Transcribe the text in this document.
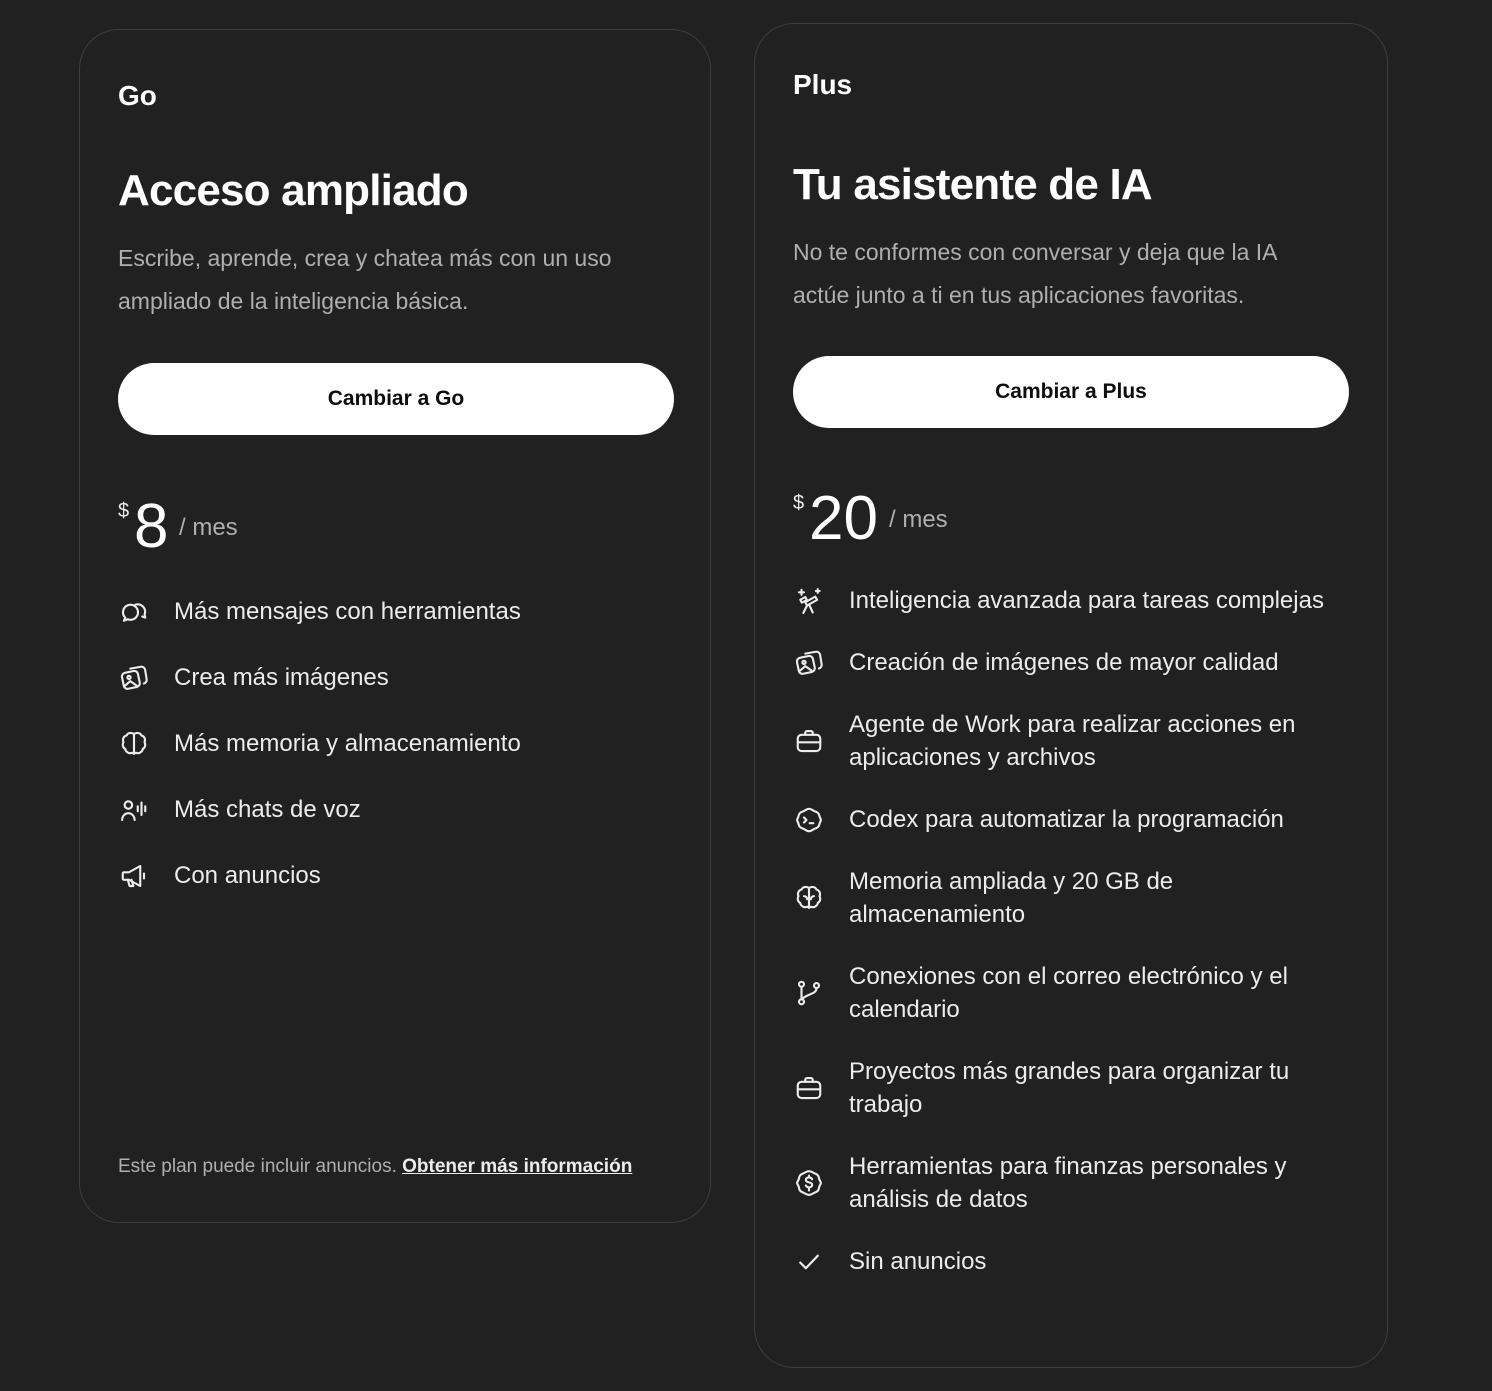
Go
Acceso ampliado
Escribe, aprende, crea y chatea más con un uso ampliado de la inteligencia básica.
Cambiar a Go
$ 8 / mes
Más mensajes con herramientas
Crea más imágenes
Más memoria y almacenamiento
Más chats de voz
Con anuncios
Este plan puede incluir anuncios. Obtener más información
Plus
Tu asistente de IA
No te conformes con conversar y deja que la IA actúe junto a ti en tus aplicaciones favoritas.
Cambiar a Plus
$ 20 / mes
Inteligencia avanzada para tareas complejas
Creación de imágenes de mayor calidad
Agente de Work para realizar acciones en aplicaciones y archivos
Codex para automatizar la programación
Memoria ampliada y 20 GB de almacenamiento
Conexiones con el correo electrónico y el calendario
Proyectos más grandes para organizar tu trabajo
Herramientas para finanzas personales y análisis de datos
Sin anuncios
